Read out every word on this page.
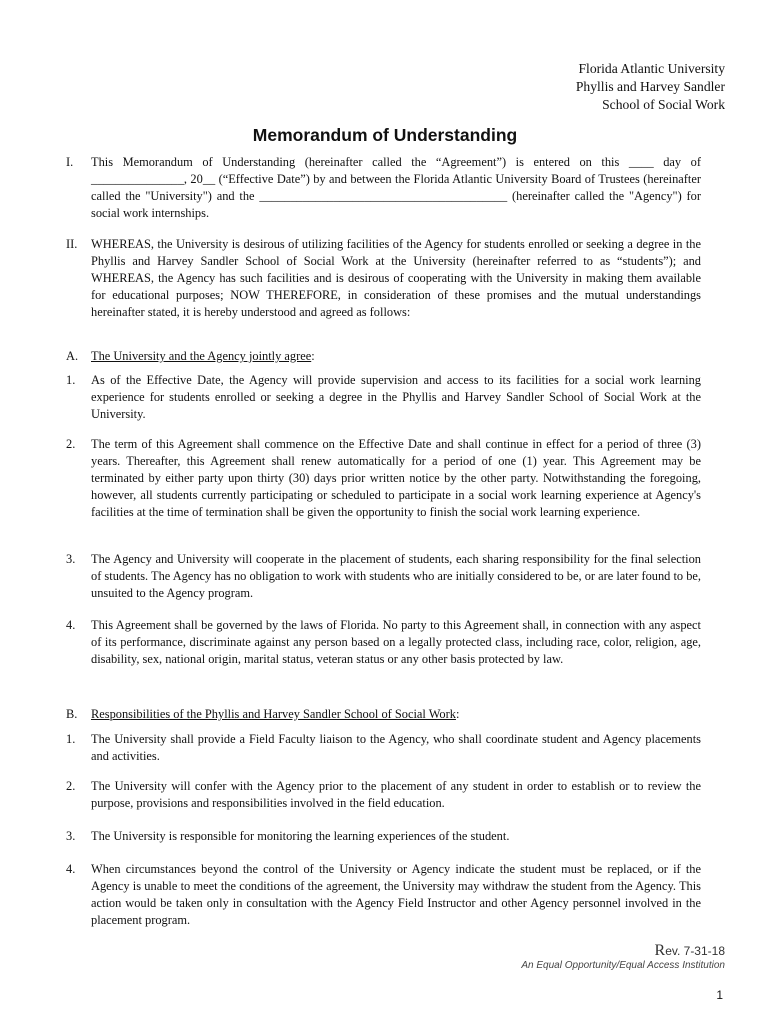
Florida Atlantic University
Phyllis and Harvey Sandler
School of Social Work
Memorandum of Understanding
I. This Memorandum of Understanding (hereinafter called the “Agreement”) is entered on this ____ day of _______________, 20__ (“Effective Date”) by and between the Florida Atlantic University Board of Trustees (hereinafter called the "University") and the ________________________________________ (hereinafter called the "Agency") for social work internships.
II. WHEREAS, the University is desirous of utilizing facilities of the Agency for students enrolled or seeking a degree in the Phyllis and Harvey Sandler School of Social Work at the University (hereinafter referred to as “students”); and WHEREAS, the Agency has such facilities and is desirous of cooperating with the University in making them available for educational purposes; NOW THEREFORE, in consideration of these promises and the mutual understandings hereinafter stated, it is hereby understood and agreed as follows:
A. The University and the Agency jointly agree:
1. As of the Effective Date, the Agency will provide supervision and access to its facilities for a social work learning experience for students enrolled or seeking a degree in the Phyllis and Harvey Sandler School of Social Work at the University.
2. The term of this Agreement shall commence on the Effective Date and shall continue in effect for a period of three (3) years. Thereafter, this Agreement shall renew automatically for a period of one (1) year. This Agreement may be terminated by either party upon thirty (30) days prior written notice by the other party. Notwithstanding the foregoing, however, all students currently participating or scheduled to participate in a social work learning experience at Agency's facilities at the time of termination shall be given the opportunity to finish the social work learning experience.
3. The Agency and University will cooperate in the placement of students, each sharing responsibility for the final selection of students. The Agency has no obligation to work with students who are initially considered to be, or are later found to be, unsuited to the Agency program.
4. This Agreement shall be governed by the laws of Florida. No party to this Agreement shall, in connection with any aspect of its performance, discriminate against any person based on a legally protected class, including race, color, religion, age, disability, sex, national origin, marital status, veteran status or any other basis protected by law.
B. Responsibilities of the Phyllis and Harvey Sandler School of Social Work:
1. The University shall provide a Field Faculty liaison to the Agency, who shall coordinate student and Agency placements and activities.
2. The University will confer with the Agency prior to the placement of any student in order to establish or to review the purpose, provisions and responsibilities involved in the field education.
3. The University is responsible for monitoring the learning experiences of the student.
4. When circumstances beyond the control of the University or Agency indicate the student must be replaced, or if the Agency is unable to meet the conditions of the agreement, the University may withdraw the student from the Agency. This action would be taken only in consultation with the Agency Field Instructor and other Agency personnel involved in the placement program.
Rev. 7-31-18
An Equal Opportunity/Equal Access Institution
1
